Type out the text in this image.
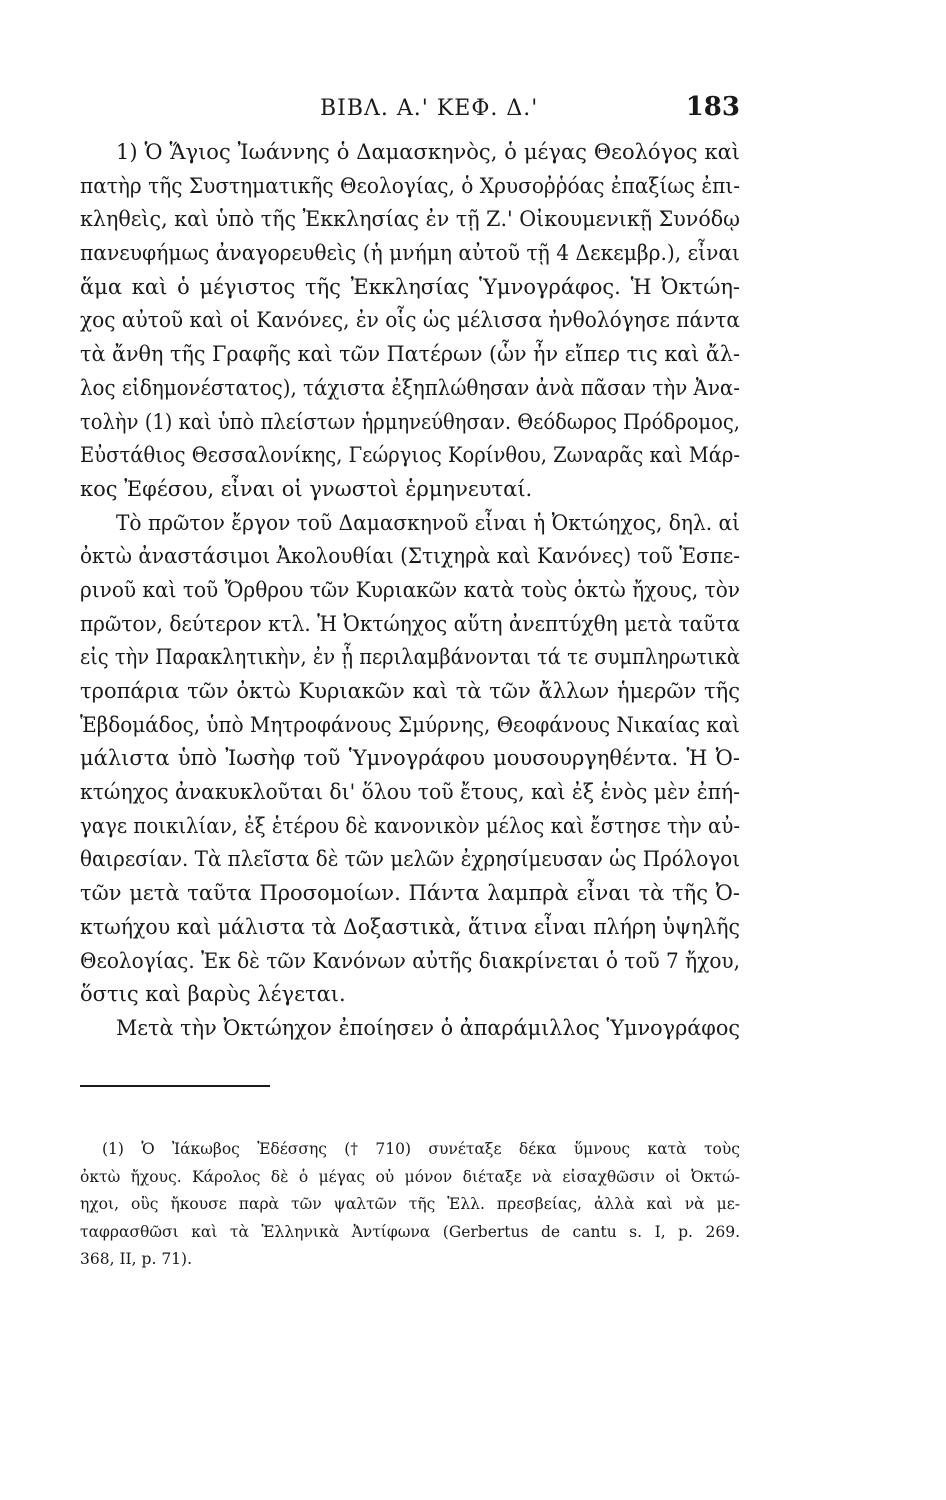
ΒΙΒΛ. Α.' ΚΕΦ. Δ.'	183
1) Ὁ Ἅγιος Ἰωάννης ὁ Δαμασκηνὸς, ὁ μέγας Θεολόγος καὶ
πατὴρ τῆς Συστηματικῆς Θεολογίας, ὁ Χρυσοῤῥόας ἐπαξίως ἐπι-
κληθεὶς, καὶ ὑπὸ τῆς Ἐκκλησίας ἐν τῇ Ζ.' Οἰκουμενικῇ Συνόδῳ
πανευφήμως ἀναγορευθεὶς (ἡ μνήμη αὐτοῦ τῇ 4 Δεκεμβρ.), εἶναι
ἅμα καὶ ὁ μέγιστος τῆς Ἐκκλησίας Ὑμνογράφος. Ἡ Ὀκτώη-
χος αὐτοῦ καὶ οἱ Κανόνες, ἐν οἷς ὡς μέλισσα ἠνθολόγησε πάντα
τὰ ἄνθη τῆς Γραφῆς καὶ τῶν Πατέρων (ὧν ἦν εἴπερ τις καὶ ἄλ-
λος εἰδημονέστατος), τάχιστα ἐξηπλώθησαν ἀνὰ πᾶσαν τὴν Ἀνα-
τολὴν (1) καὶ ὑπὸ πλείστων ἡρμηνεύθησαν. Θεόδωρος Πρόδρομος,
Εὐστάθιος Θεσσαλονίκης, Γεώργιος Κορίνθου, Ζωναρᾶς καὶ Μάρ-
κος Ἐφέσου, εἶναι οἱ γνωστοὶ ἑρμηνευταί.
Τὸ πρῶτον ἔργον τοῦ Δαμασκηνοῦ εἶναι ἡ Ὀκτώηχος, δηλ. αἱ
ὀκτὼ ἀναστάσιμοι Ἀκολουθίαι (Στιχηρὰ καὶ Κανόνες) τοῦ Ἑσπε-
ρινοῦ καὶ τοῦ Ὄρθρου τῶν Κυριακῶν κατὰ τοὺς ὀκτὼ ἤχους, τὸν
πρῶτον, δεύτερον κτλ. Ἡ Ὀκτώηχος αὕτη ἀνεπτύχθη μετὰ ταῦτα
εἰς τὴν Παρακλητικὴν, ἐν ᾗ περιλαμβάνονται τά τε συμπληρωτικὰ
τροπάρια τῶν ὀκτὼ Κυριακῶν καὶ τὰ τῶν ἄλλων ἡμερῶν τῆς
Ἑβδομάδος, ὑπὸ Μητροφάνους Σμύρνης, Θεοφάνους Νικαίας καὶ
μάλιστα ὑπὸ Ἰωσὴφ τοῦ Ὑμνογράφου μουσουργηθέντα. Ἡ Ὀ-
κτώηχος ἀνακυκλοῦται δι' ὅλου τοῦ ἔτους, καὶ ἐξ ἑνὸς μὲν ἐπή-
γαγε ποικιλίαν, ἐξ ἑτέρου δὲ κανονικὸν μέλος καὶ ἔστησε τὴν αὐ-
θαιρεσίαν. Τὰ πλεῖστα δὲ τῶν μελῶν ἐχρησίμευσαν ὡς Πρόλογοι
τῶν μετὰ ταῦτα Προσομοίων. Πάντα λαμπρὰ εἶναι τὰ τῆς Ὀ-
κτωήχου καὶ μάλιστα τὰ Δοξαστικὰ, ἅτινα εἶναι πλήρη ὑψηλῆς
Θεολογίας. Ἐκ δὲ τῶν Κανόνων αὐτῆς διακρίνεται ὁ τοῦ 7 ἤχου,
ὅστις καὶ βαρὺς λέγεται.
Μετὰ τὴν Ὀκτώηχον ἐποίησεν ὁ ἀπαράμιλλος Ὑμνογράφος
(1) Ὁ Ἰάκωβος Ἐδέσσης († 710) συνέταξε δέκα ὕμνους κατὰ τοὺς
ὀκτὼ ἤχους. Κάρολος δὲ ὁ μέγας οὐ μόνον διέταξε νὰ εἰσαχθῶσιν οἱ Ὀκτώ-
ηχοι, οὓς ἤκουσε παρὰ τῶν ψαλτῶν τῆς Ἑλλ. πρεσβείας, ἀλλὰ καὶ νὰ με-
ταφρασθῶσι καὶ τὰ Ἑλληνικὰ Ἀντίφωνα (Gerbertus de cantu s. I, p. 269.
368, II, p. 71).
